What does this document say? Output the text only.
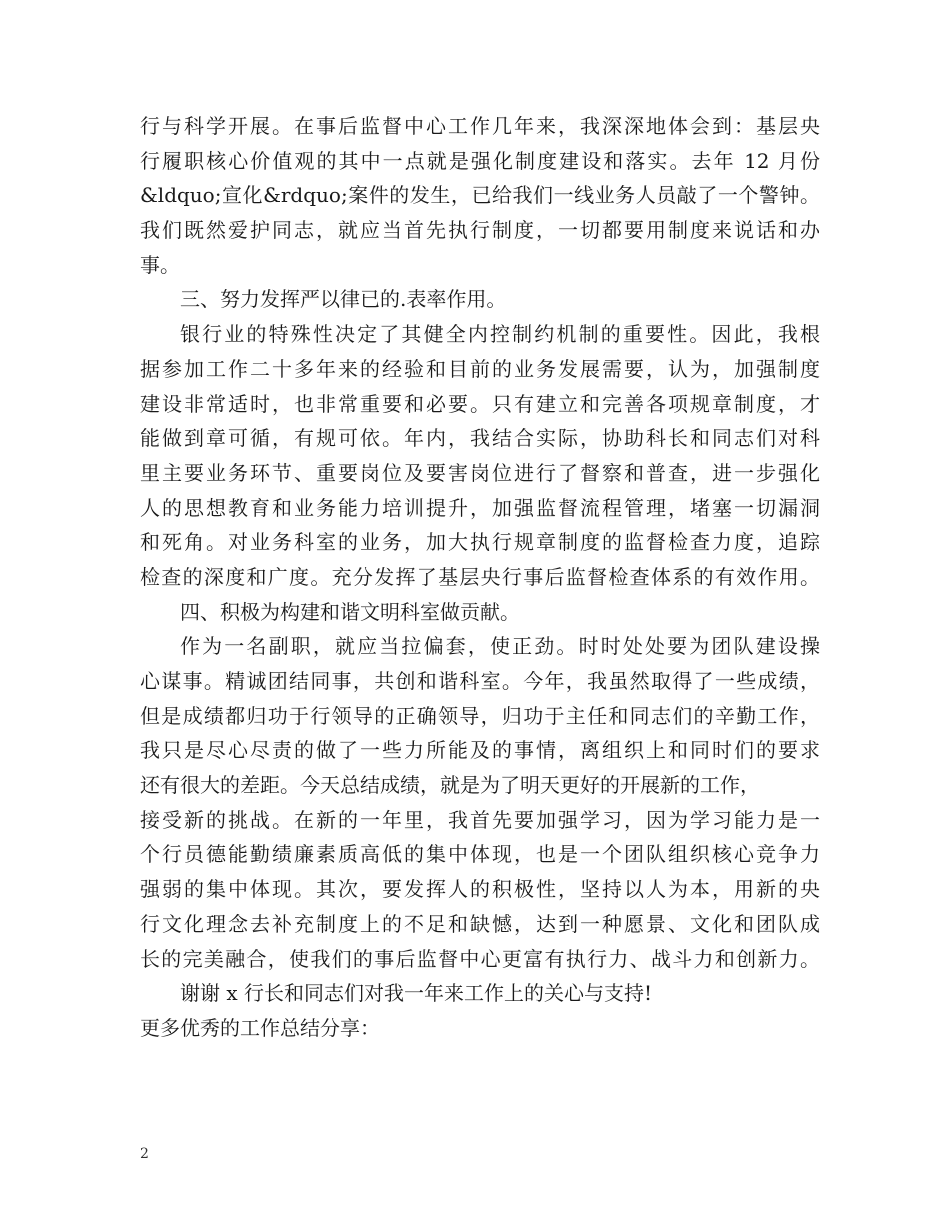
行与科学开展。在事后监督中心工作几年来，我深深地体会到：基层央
行履职核心价值观的其中一点就是强化制度建设和落实。去年 12 月份
&ldquo;宣化&rdquo;案件的发生，已给我们一线业务人员敲了一个警钟。
我们既然爱护同志，就应当首先执行制度，一切都要用制度来说话和办
事。
三、努力发挥严以律已的.表率作用。
银行业的特殊性决定了其健全内控制约机制的重要性。因此，我根
据参加工作二十多年来的经验和目前的业务发展需要，认为，加强制度
建设非常适时，也非常重要和必要。只有建立和完善各项规章制度，才
能做到章可循，有规可依。年内，我结合实际，协助科长和同志们对科
里主要业务环节、重要岗位及要害岗位进行了督察和普查，进一步强化
人的思想教育和业务能力培训提升，加强监督流程管理，堵塞一切漏洞
和死角。对业务科室的业务，加大执行规章制度的监督检查力度，追踪
检查的深度和广度。充分发挥了基层央行事后监督检查体系的有效作用。
四、积极为构建和谐文明科室做贡献。
作为一名副职，就应当拉偏套，使正劲。时时处处要为团队建设操
心谋事。精诚团结同事，共创和谐科室。今年，我虽然取得了一些成绩，
但是成绩都归功于行领导的正确领导，归功于主任和同志们的辛勤工作，
我只是尽心尽责的做了一些力所能及的事情，离组织上和同时们的要求
还有很大的差距。今天总结成绩，就是为了明天更好的开展新的工作，
接受新的挑战。在新的一年里，我首先要加强学习，因为学习能力是一
个行员德能勤绩廉素质高低的集中体现，也是一个团队组织核心竞争力
强弱的集中体现。其次，要发挥人的积极性，坚持以人为本，用新的央
行文化理念去补充制度上的不足和缺憾，达到一种愿景、文化和团队成
长的完美融合，使我们的事后监督中心更富有执行力、战斗力和创新力。
谢谢 x 行长和同志们对我一年来工作上的关心与支持!
更多优秀的工作总结分享：
2
